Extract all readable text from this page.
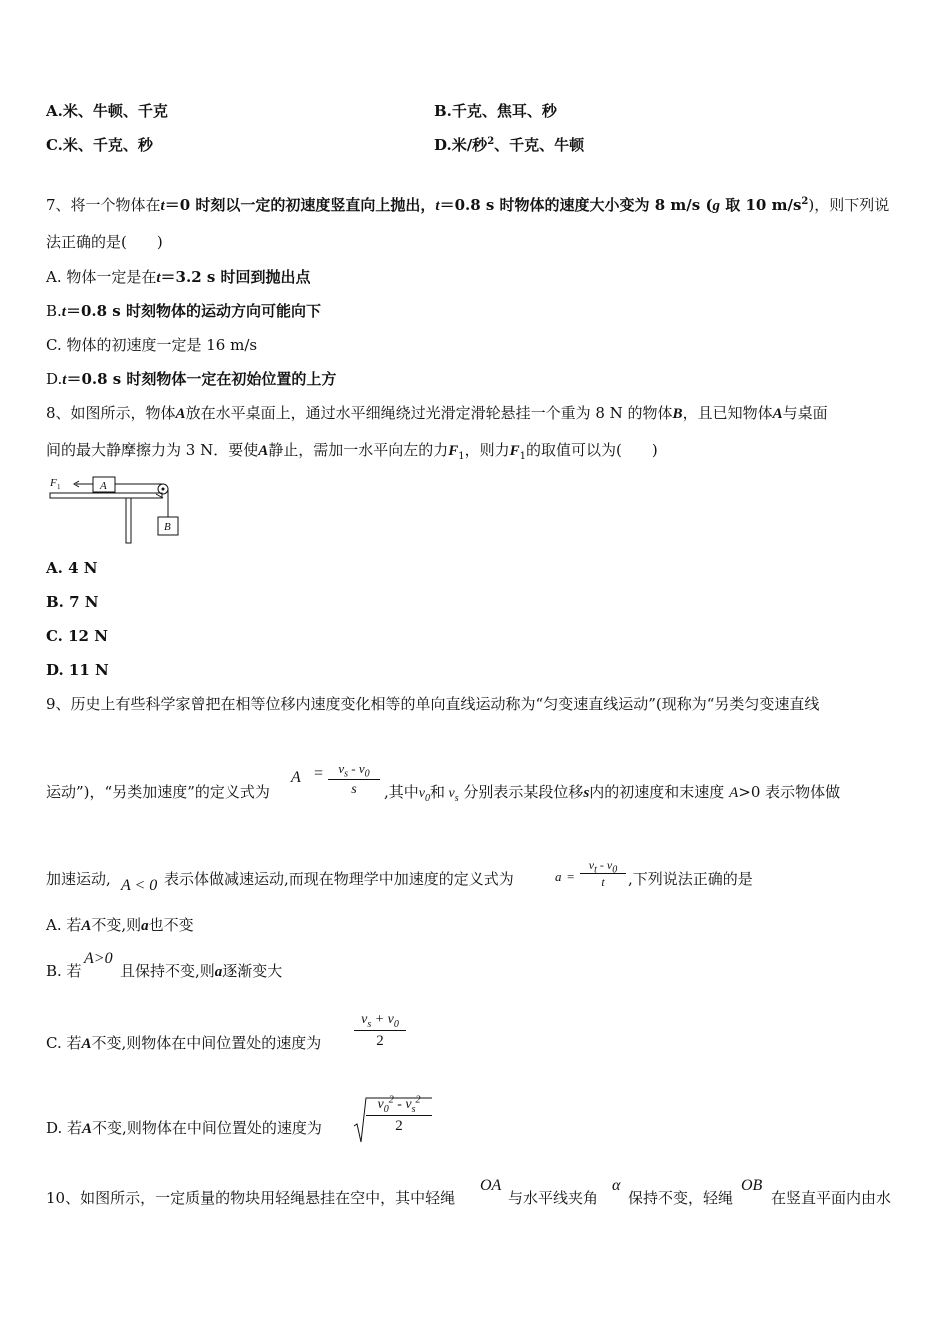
A.米、牛顿、千克	B.千克、焦耳、秒
C.米、千克、秒	D.米/秒$^2$、千克、牛顿
7、将一个物体在t＝0 时刻以一定的初速度竖直向上抛出，t＝0.8 s 时物体的速度大小变为 8 m/s (g 取 10 $m/s^2$)，则下列说
法正确的是(　　)
A. 物体一定是在t＝3.2 s 时回到抛出点
B.t＝0.8 s 时刻物体的运动方向可能向下
C. 物体的初速度一定是 16 m/s
D.t＝0.8 s 时刻物体一定在初始位置的上方
8、如图所示，物体A放在水平桌面上，通过水平细绳绕过光滑定滑轮悬挂一个重为 8 N 的物体B，且已知物体A与桌面
间的最大静摩擦力为 3 N．要使A静止，需加一水平向左的力$F_1$，则力$F_1$的取值可以为(　　)
F 1	A
B
A. 4 N
B. 7 N
C. 12 N
D. 11 N
9、历史上有些科学家曾把在相等位移内速度变化相等的单向直线运动称为“匀变速直线运动”(现称为“另类匀变速直线
运动”)，“另类加速度”的定义式为
A =	$v_s - v_0$
s	,其中$v_0$和 $v_s$ 分别表示某段位移s内的初速度和末速度 A>0 表示物体做
加速运动, A < 0 表示体做减速运动,而现在物理学中加速度的定义式为	a =
$v_t - v_0$
t	,下列说法正确的是
A. 若A不变,则a也不变
B. 若
A>0
且保持不变,则a逐渐变大
C. 若A不变,则物体在中间位置处的速度为
$v_s + v_0$
2
D. 若A不变,则物体在中间位置处的速度为
$v_0^2 - v_s^2$
2
10、如图所示，一定质量的物块用轻绳悬挂在空中，其中轻绳
OA
与水平线夹角
α
保持不变，轻绳
OB
在竖直平面内由水
